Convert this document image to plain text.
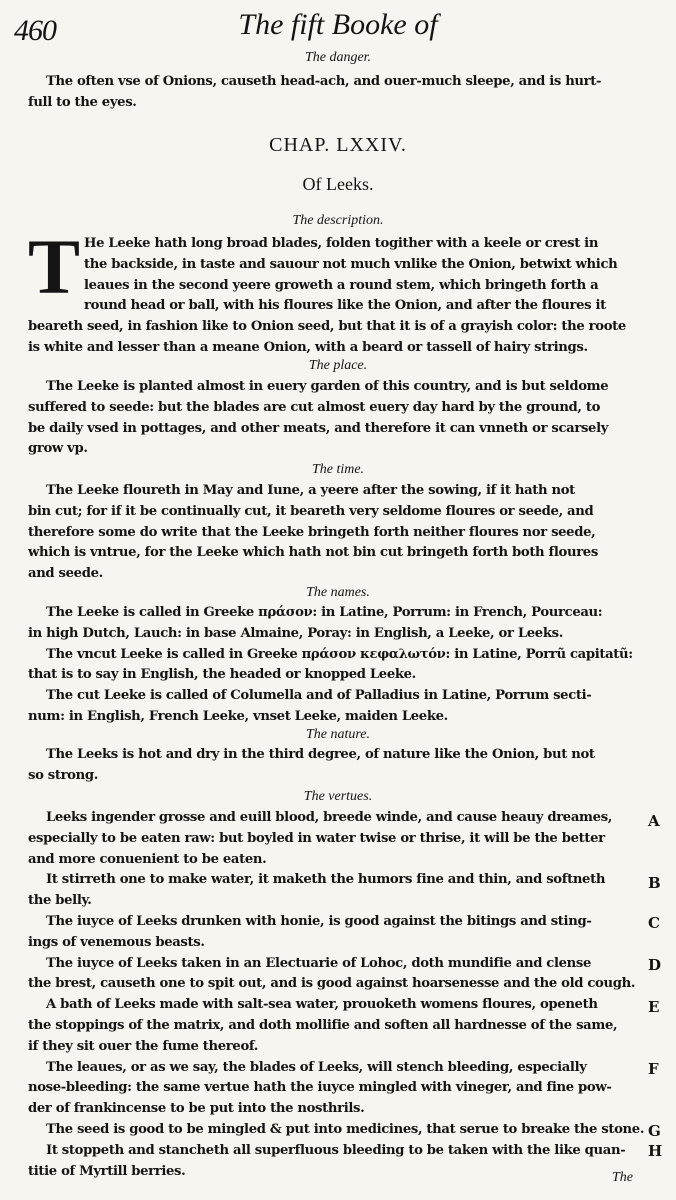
460	The fift Booke of
The danger.
The often vse of Onions, causeth head-ach, and ouer-much sleepe, and is hurt-
full to the eyes.
CHAP. LXXIV.
Of Leeks.
The description.
T He Leeke hath long broad blades, folden togither with a keele or crest in
the backside, in taste and sauour not much vnlike the Onion, betwixt which
leaues in the second yeere groweth a round stem, which bringeth forth a
round head or ball, with his floures like the Onion, and after the floures it
beareth seed, in fashion like to Onion seed, but that it is of a grayish color: the roote
is white and lesser than a meane Onion, with a beard or tassell of hairy strings.
The place.
The Leeke is planted almost in euery garden of this country, and is but seldome
suffered to seede: but the blades are cut almost euery day hard by the ground, to
be daily vsed in pottages, and other meats, and therefore it can vnneth or scarsely
grow vp.
The time.
The Leeke floureth in May and Iune, a yeere after the sowing, if it hath not
bin cut; for if it be continually cut, it beareth very seldome floures or seede, and
therefore some do write that the Leeke bringeth forth neither floures nor seede,
which is vntrue, for the Leeke which hath not bin cut bringeth forth both floures
and seede.
The names.
The Leeke is called in Greeke πράσον: in Latine, Porrum: in French, Pourceau:
in high Dutch, Lauch: in base Almaine, Poray: in English, a Leeke, or Leeks.
The vncut Leeke is called in Greeke πράσον κεφαλωτόν: in Latine, Porrũ capitatũ:
that is to say in English, the headed or knopped Leeke.
The cut Leeke is called of Columella and of Palladius in Latine, Porrum secti-
num: in English, French Leeke, vnset Leeke, maiden Leeke.
The nature.
The Leeks is hot and dry in the third degree, of nature like the Onion, but not
so strong.
The vertues.
Leeks ingender grosse and euill blood, breede winde, and cause heauy dreames,
especially to be eaten raw: but boyled in water twise or thrise, it will be the better
and more conuenient to be eaten.
It stirreth one to make water, it maketh the humors fine and thin, and softneth
the belly.
The iuyce of Leeks drunken with honie, is good against the bitings and sting-
ings of venemous beasts.
The iuyce of Leeks taken in an Electuarie of Lohoc, doth mundifie and clense
the brest, causeth one to spit out, and is good against hoarsenesse and the old cough.
A bath of Leeks made with salt-sea water, prouoketh womens floures, openeth
the stoppings of the matrix, and doth mollifie and soften all hardnesse of the same,
if they sit ouer the fume thereof.
The leaues, or as we say, the blades of Leeks, will stench bleeding, especially
nose-bleeding: the same vertue hath the iuyce mingled with vineger, and fine pow-
der of frankincense to be put into the nosthrils.
The seed is good to be mingled & put into medicines, that serue to breake the stone.
It stoppeth and stancheth all superfluous bleeding to be taken with the like quan-
titie of Myrtill berries.
A
B
C
D
E
F
G
H
The
